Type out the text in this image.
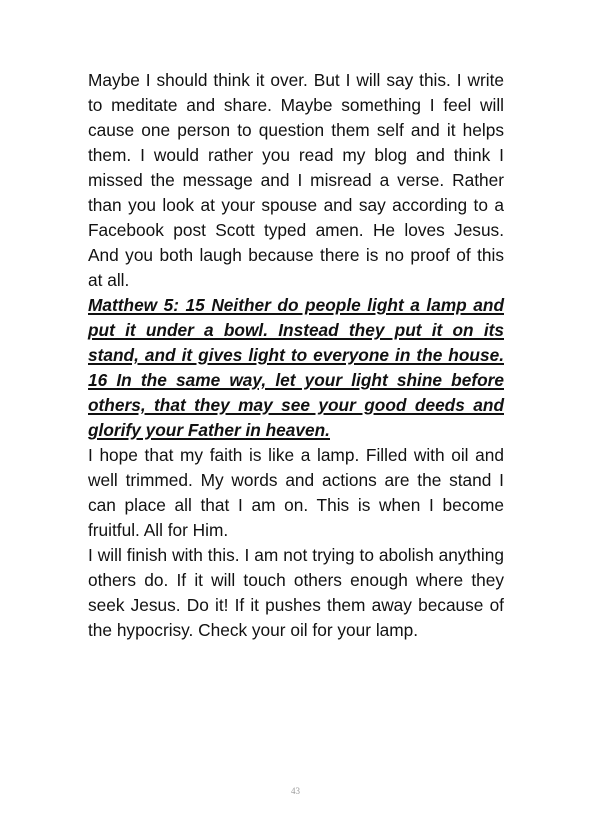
Maybe I should think it over. But I will say this. I write to meditate and share. Maybe something I feel will cause one person to question them self and it helps them. I would rather you read my blog and think I missed the message and I misread a verse. Rather than you look at your spouse and say according to a Facebook post Scott typed amen. He loves Jesus. And you both laugh because there is no proof of this at all.

Matthew 5: 15 Neither do people light a lamp and put it under a bowl. Instead they put it on its stand, and it gives light to everyone in the house. 16 In the same way, let your light shine before others, that they may see your good deeds and glorify your Father in heaven.

I hope that my faith is like a lamp. Filled with oil and well trimmed. My words and actions are the stand I can place all that I am on. This is when I become fruitful. All for Him.

I will finish with this. I am not trying to abolish anything others do. If it will touch others enough where they seek Jesus. Do it! If it pushes them away because of the hypocrisy. Check your oil for your lamp.

43
